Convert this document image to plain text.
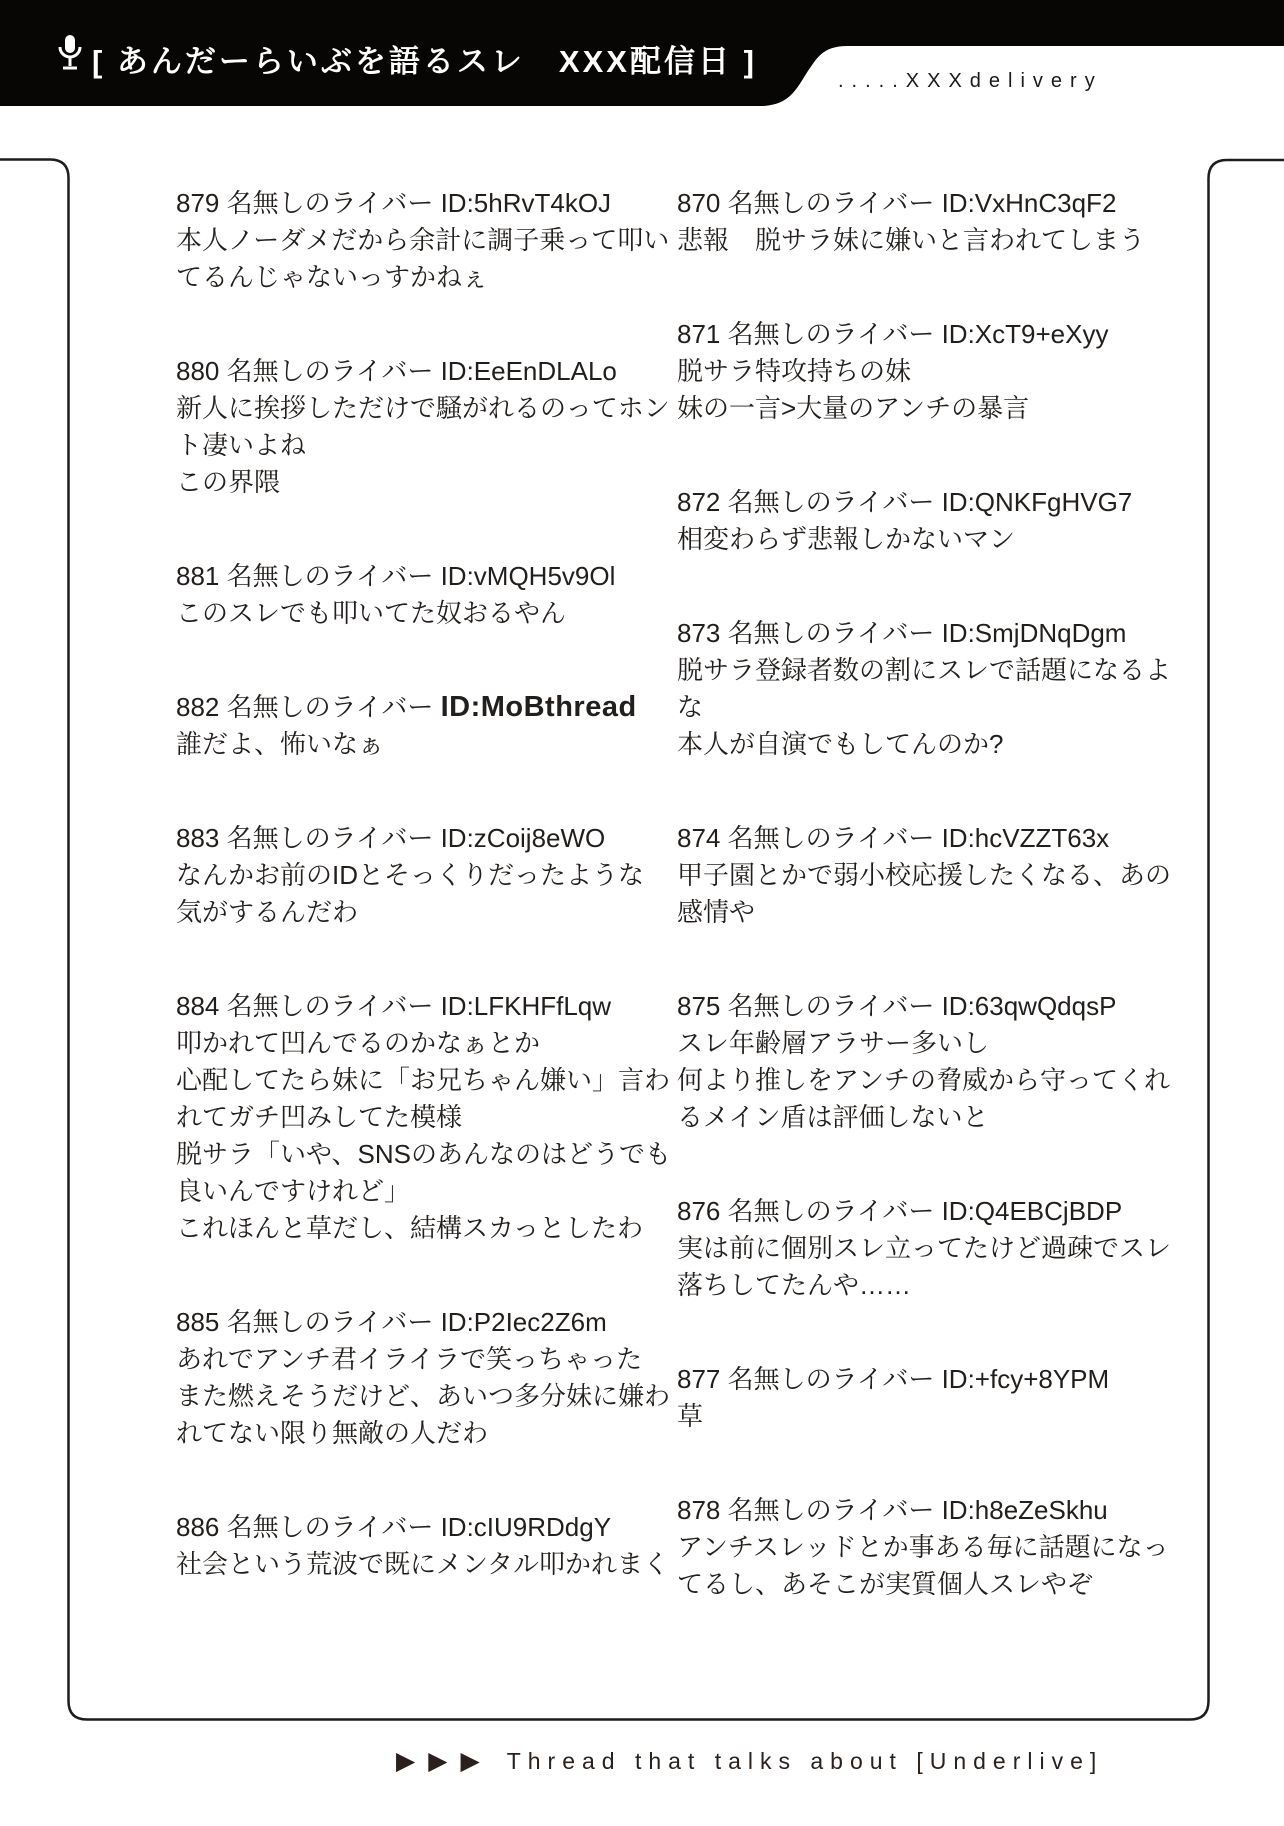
[ あんだーらいぶを語るスレ　XXX配信日 ]
.....XXXdelivery
879 名無しのライバー ID:5hRvT4kOJ
本人ノーダメだから余計に調子乗って叩い
てるんじゃないっすかねぇ
880 名無しのライバー ID:EeEnDLALo
新人に挨拶しただけで騒がれるのってホン
ト凄いよね
この界隈
881 名無しのライバー ID:vMQH5v9Ol
このスレでも叩いてた奴おるやん
882 名無しのライバー ID:MoBthread
誰だよ、怖いなぁ
883 名無しのライバー ID:zCoij8eWO
なんかお前のIDとそっくりだったような
気がするんだわ
884 名無しのライバー ID:LFKHFfLqw
叩かれて凹んでるのかなぁとか
心配してたら妹に「お兄ちゃん嫌い」言わ
れてガチ凹みしてた模様
脱サラ「いや、SNSのあんなのはどうでも
良いんですけれど」
これほんと草だし、結構スカっとしたわ
885 名無しのライバー ID:P2Iec2Z6m
あれでアンチ君イライラで笑っちゃった
また燃えそうだけど、あいつ多分妹に嫌わ
れてない限り無敵の人だわ
886 名無しのライバー ID:cIU9RDdgY
社会という荒波で既にメンタル叩かれまく
870 名無しのライバー ID:VxHnC3qF2
悲報　脱サラ妹に嫌いと言われてしまう
871 名無しのライバー ID:XcT9+eXyy
脱サラ特攻持ちの妹
妹の一言>大量のアンチの暴言
872 名無しのライバー ID:QNKFgHVG7
相変わらず悲報しかないマン
873 名無しのライバー ID:SmjDNqDgm
脱サラ登録者数の割にスレで話題になるよ
な
本人が自演でもしてんのか?
874 名無しのライバー ID:hcVZZT63x
甲子園とかで弱小校応援したくなる、あの
感情や
875 名無しのライバー ID:63qwQdqsP
スレ年齢層アラサー多いし
何より推しをアンチの脅威から守ってくれ
るメイン盾は評価しないと
876 名無しのライバー ID:Q4EBCjBDP
実は前に個別スレ立ってたけど過疎でスレ
落ちしてたんや……
877 名無しのライバー ID:+fcy+8YPM
草
878 名無しのライバー ID:h8eZeSkhu
アンチスレッドとか事ある毎に話題になっ
てるし、あそこが実質個人スレやぞ
▶▶▶ Thread that talks about [Underlive]
